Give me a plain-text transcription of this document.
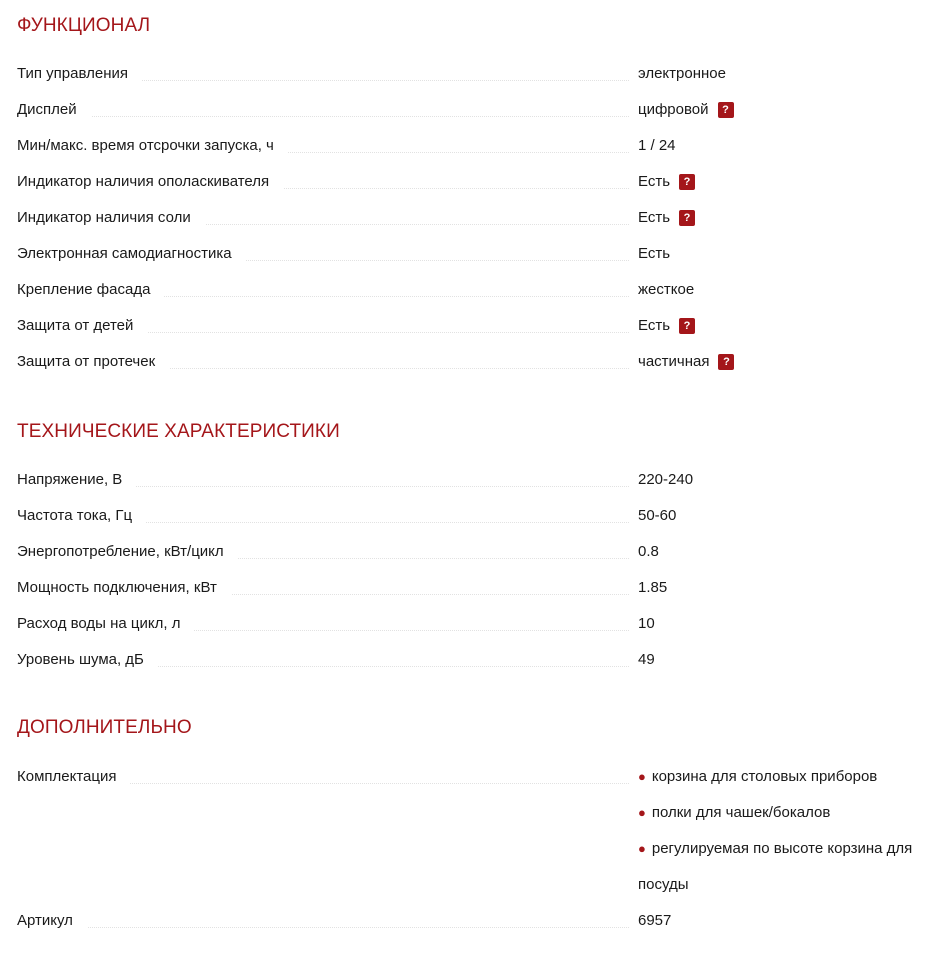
ФУНКЦИОНАЛ
Тип управления	электронное
Дисплей	цифровой	?
Мин/макс. время отсрочки запуска, ч	1 / 24
Индикатор наличия ополаскивателя	Есть	?
Индикатор наличия соли	Есть	?
Электронная самодиагностика	Есть
Крепление фасада	жесткое
Защита от детей	Есть	?
Защита от протечек	частичная	?
ТЕХНИЧЕСКИЕ ХАРАКТЕРИСТИКИ
Напряжение, В	220-240
Частота тока, Гц	50-60
Энергопотребление, кВт/цикл	0.8
Мощность подключения, кВт	1.85
Расход воды на цикл, л	10
Уровень шума, дБ	49
ДОПОЛНИТЕЛЬНО
Комплектация	● корзина для столовых приборов
● полки для чашек/бокалов
● регулируемая по высоте корзина для
посуды
Артикул	6957
